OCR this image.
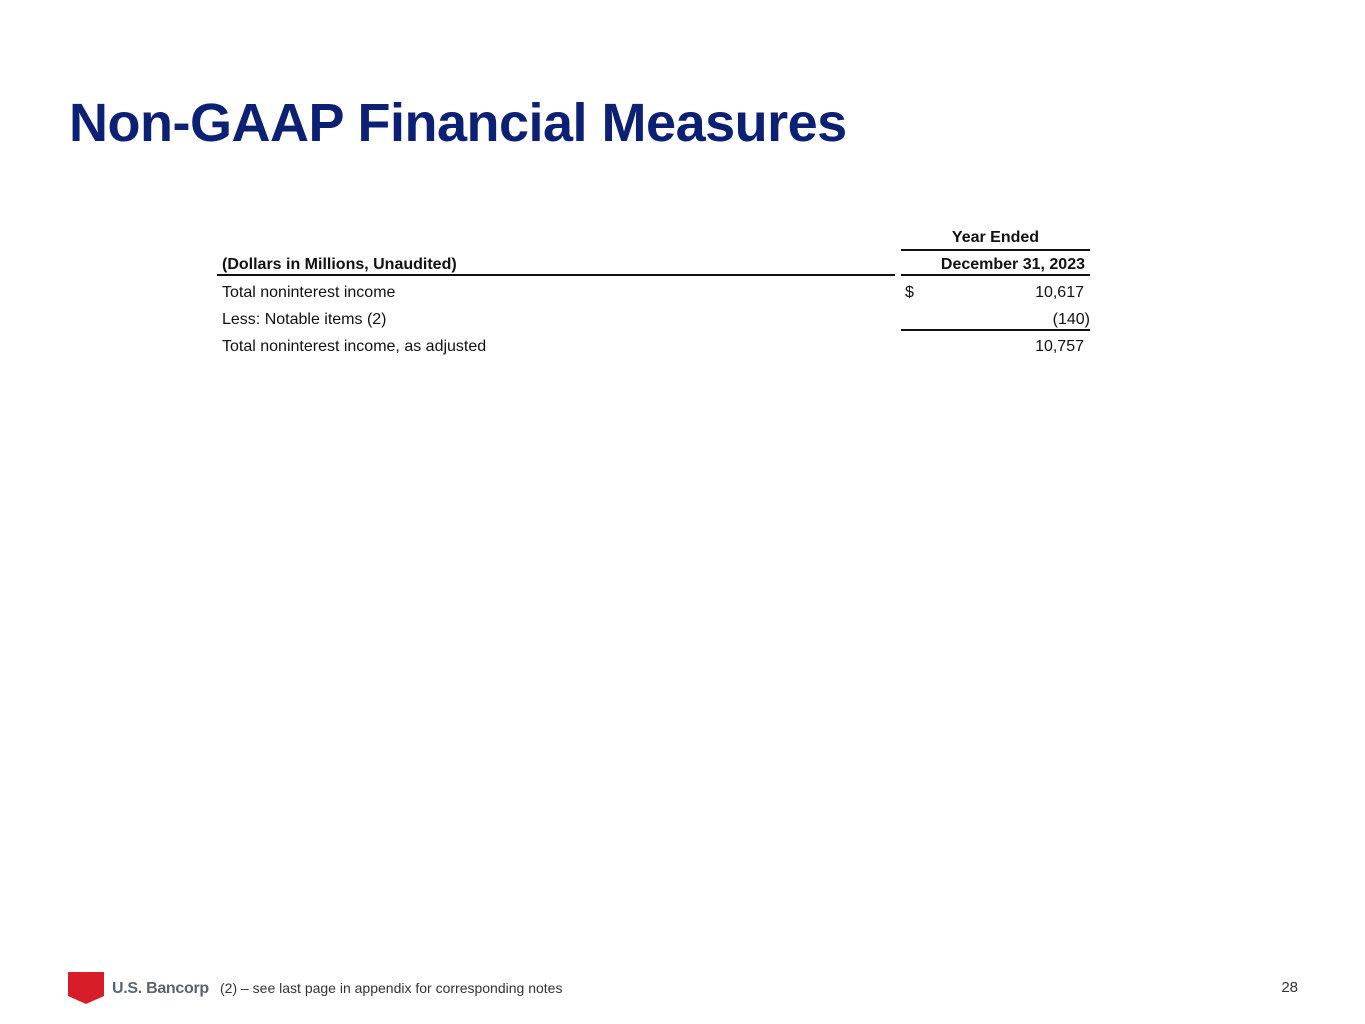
Non-GAAP Financial Measures
Year Ended
(Dollars in Millions, Unaudited)	December 31, 2023
Total noninterest income	$	10,617
Less: Notable items (2)	(140)
Total noninterest income, as adjusted	10,757
U.S. Bancorp (2) – see last page in appendix for corresponding notes	28
